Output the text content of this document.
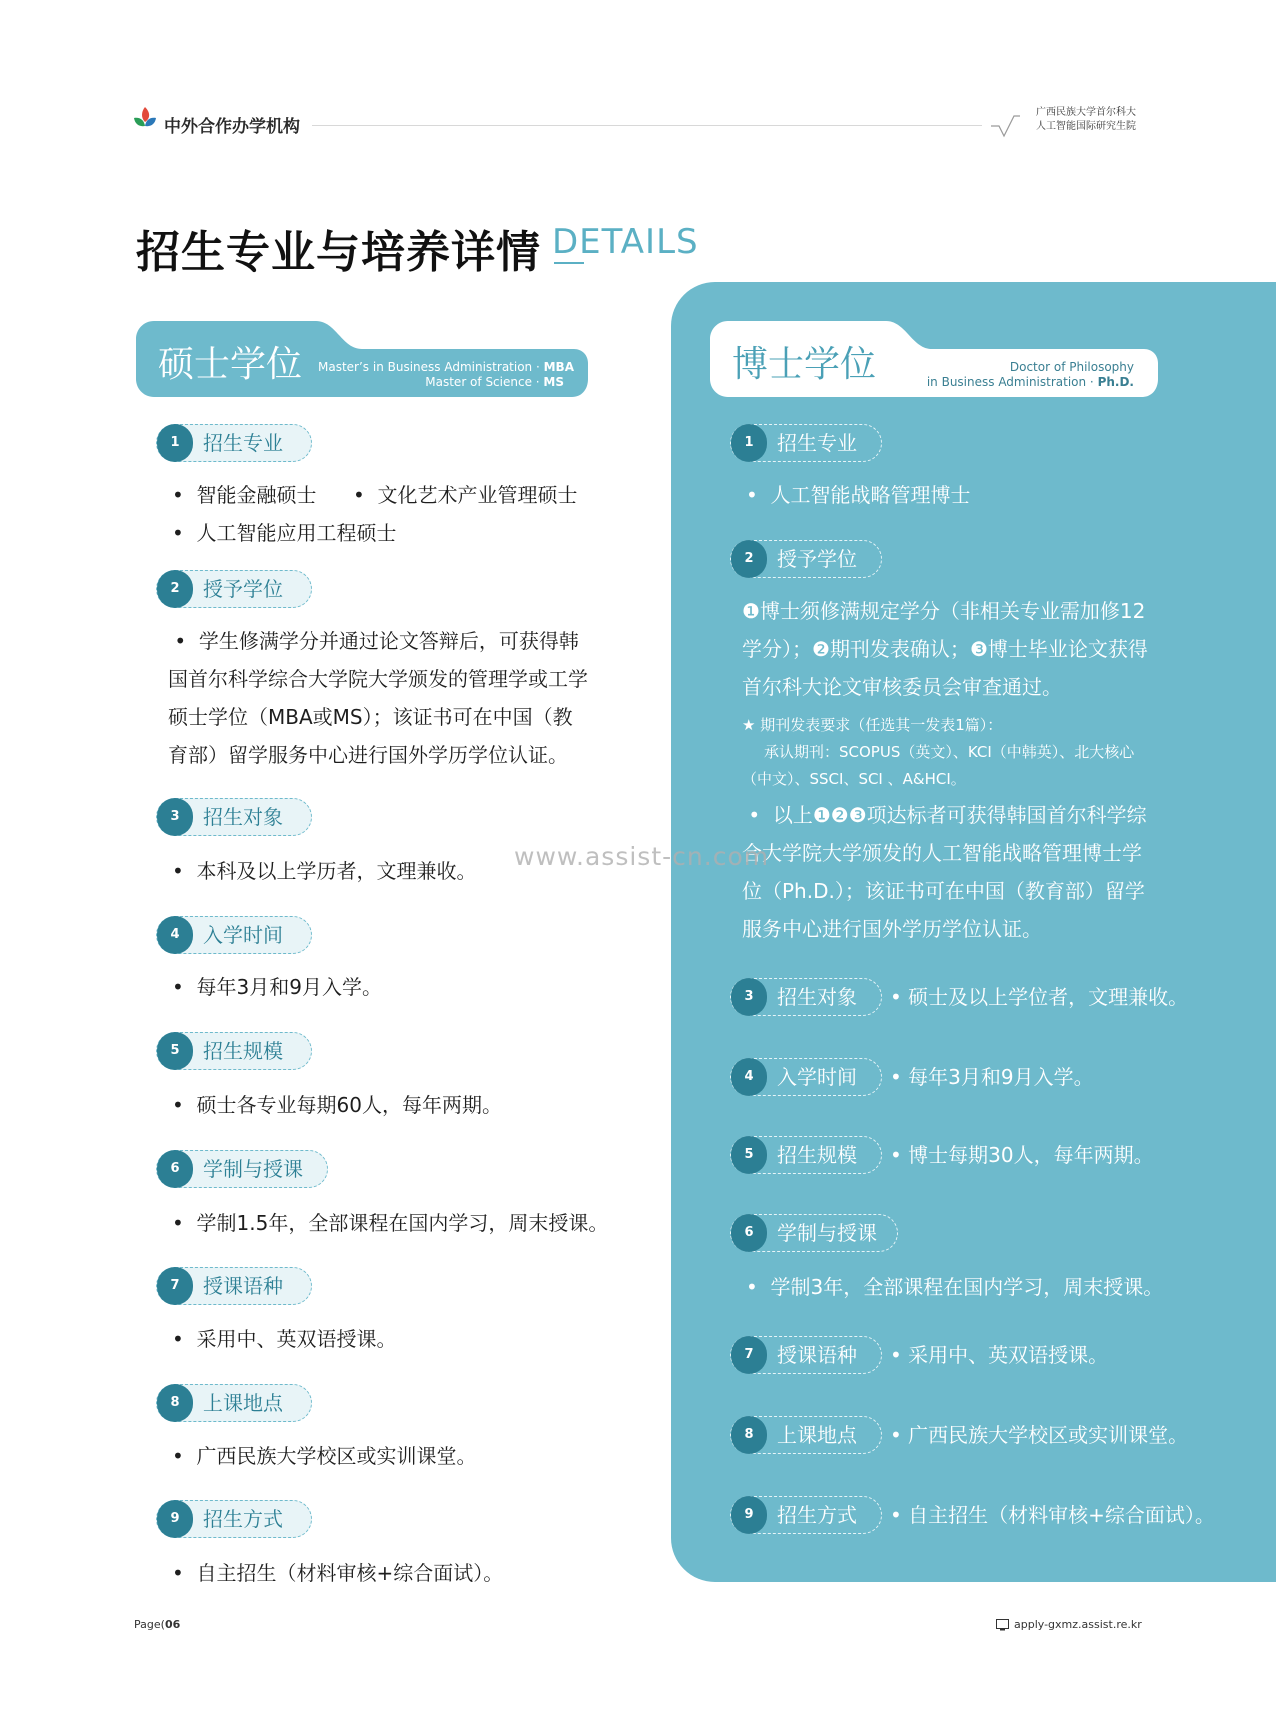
中外合作办学机构
广西民族大学首尔科大
人工智能国际研究生院
招生专业与培养详情 DETAILS
硕士学位 Master’s in Business Administration · MBA
Master of Science · MS	博士学位	Doctor of Philosophy
in Business Administration · Ph.D.
1	招生专业
•  智能金融硕士 •  文化艺术产业管理硕士
•  人工智能应用工程硕士
2	授予学位
•  学生修满学分并通过论文答辩后，可获得韩国首尔科学综合大学院大学颁发的管理学或工学硕士学位（MBA或MS）；该证书可在中国（教育部）留学服务中心进行国外学历学位认证。
3	招生对象
•  本科及以上学历者，文理兼收。
4	入学时间
•  每年3月和9月入学。
5	招生规模
•  硕士各专业每期60人，每年两期。
6	学制与授课
•  学制1.5年，全部课程在国内学习，周末授课。
7	授课语种
•  采用中、英双语授课。
8	上课地点
•  广西民族大学校区或实训课堂。
9	招生方式
•  自主招生（材料审核+综合面试）。
1	招生专业
•  人工智能战略管理博士
2	授予学位
❶博士须修满规定学分（非相关专业需加修12学分）；❷期刊发表确认；❸博士毕业论文获得首尔科大论文审核委员会审查通过。
★ 期刊发表要求（任选其一发表1篇）：
承认期刊：SCOPUS（英文）、KCI（中韩英）、北大核心（中文）、SSCI、SCI 、A&HCI。
•  以上❶❷❸项达标者可获得韩国首尔科学综合大学院大学颁发的人工智能战略管理博士学位（Ph.D.）；该证书可在中国（教育部）留学服务中心进行国外学历学位认证。
3	招生对象 • 硕士及以上学位者，文理兼收。
4	入学时间 • 每年3月和9月入学。
5	招生规模 • 博士每期30人，每年两期。
6	学制与授课
•  学制3年，全部课程在国内学习，周末授课。
7	授课语种 • 采用中、英双语授课。
8	上课地点 • 广西民族大学校区或实训课堂。
9	招生方式 • 自主招生（材料审核+综合面试）。
www.assist-cn.com
Page(06	apply-gxmz.assist.re.kr
